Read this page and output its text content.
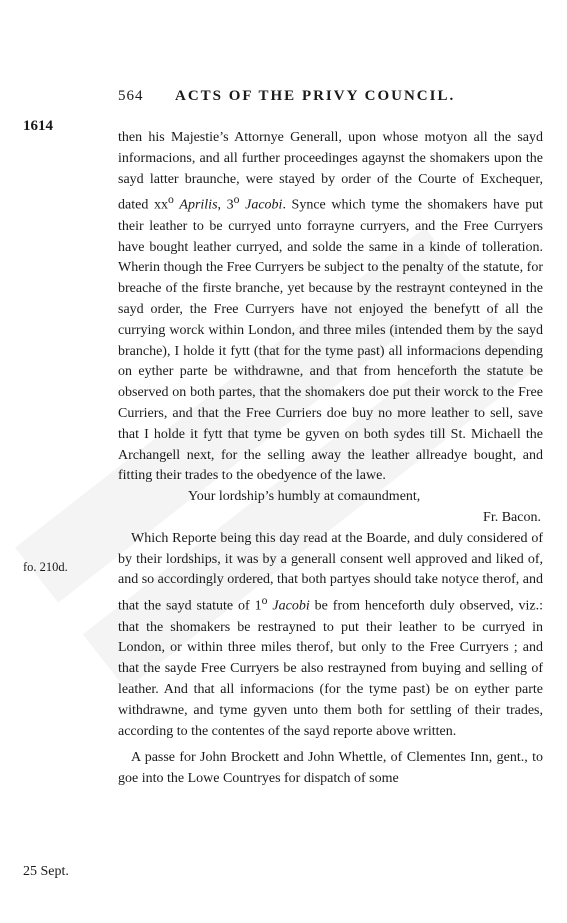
564 ACTS OF THE PRIVY COUNCIL.
1614
fo. 210d.
25 Sept.

then his Majestie’s Attornye Generall, upon whose motyon all the sayd informacions, and all further proceedinges agaynst the shomakers upon the sayd latter braunche, were stayed by order of the Courte of Exchequer, dated $xx^o$ Aprilis, 3$^o$ Jacobi. Synce which tyme the shomakers have put their leather to be curryed unto forrayne curryers, and the Free Curryers have bought leather curryed, and solde the same in a kinde of tolleration. Wherin though the Free Curryers be subject to the penalty of the statute, for breache of the firste branche, yet because by the restraynt conteyned in the sayd order, the Free Curryers have not enjoyed the benefytt of all the currying worck within London, and three miles (intended them by the sayd branche), I holde it fytt (that for the tyme past) all informacions depending on eyther parte be withdrawne, and that from henceforth the statute be observed on both partes, that the shomakers doe put their worck to the Free Curriers, and that the Free Curriers doe buy no more leather to sell, save that I holde it fytt that tyme be gyven on both sydes till St. Michaell the Archangell next, for the selling away the leather allreadye bought, and fitting their trades to the obedyence of the lawe.

Your lordship’s humbly at comaundment,

Fr. Bacon.

Which Reporte being this day read at the Boarde, and duly considered of by their lordships, it was by a generall consent well approved and liked of, and so accordingly ordered, that both partyes should take notyce therof, and that the sayd statute of 1$^o$ Jacobi be from henceforth duly observed, viz.: that the shomakers be restrayned to put their leather to be curryed in London, or within three miles therof, but only to the Free Curryers ; and that the sayde Free Curryers be also restrayned from buying and selling of leather. And that all informacions (for the tyme past) be on eyther parte withdrawne, and tyme gyven unto them both for settling of their trades, according to the contentes of the sayd reporte above written.

A passe for John Brockett and John Whettle, of Clementes Inn, gent., to goe into the Lowe Countryes for dispatch of some
